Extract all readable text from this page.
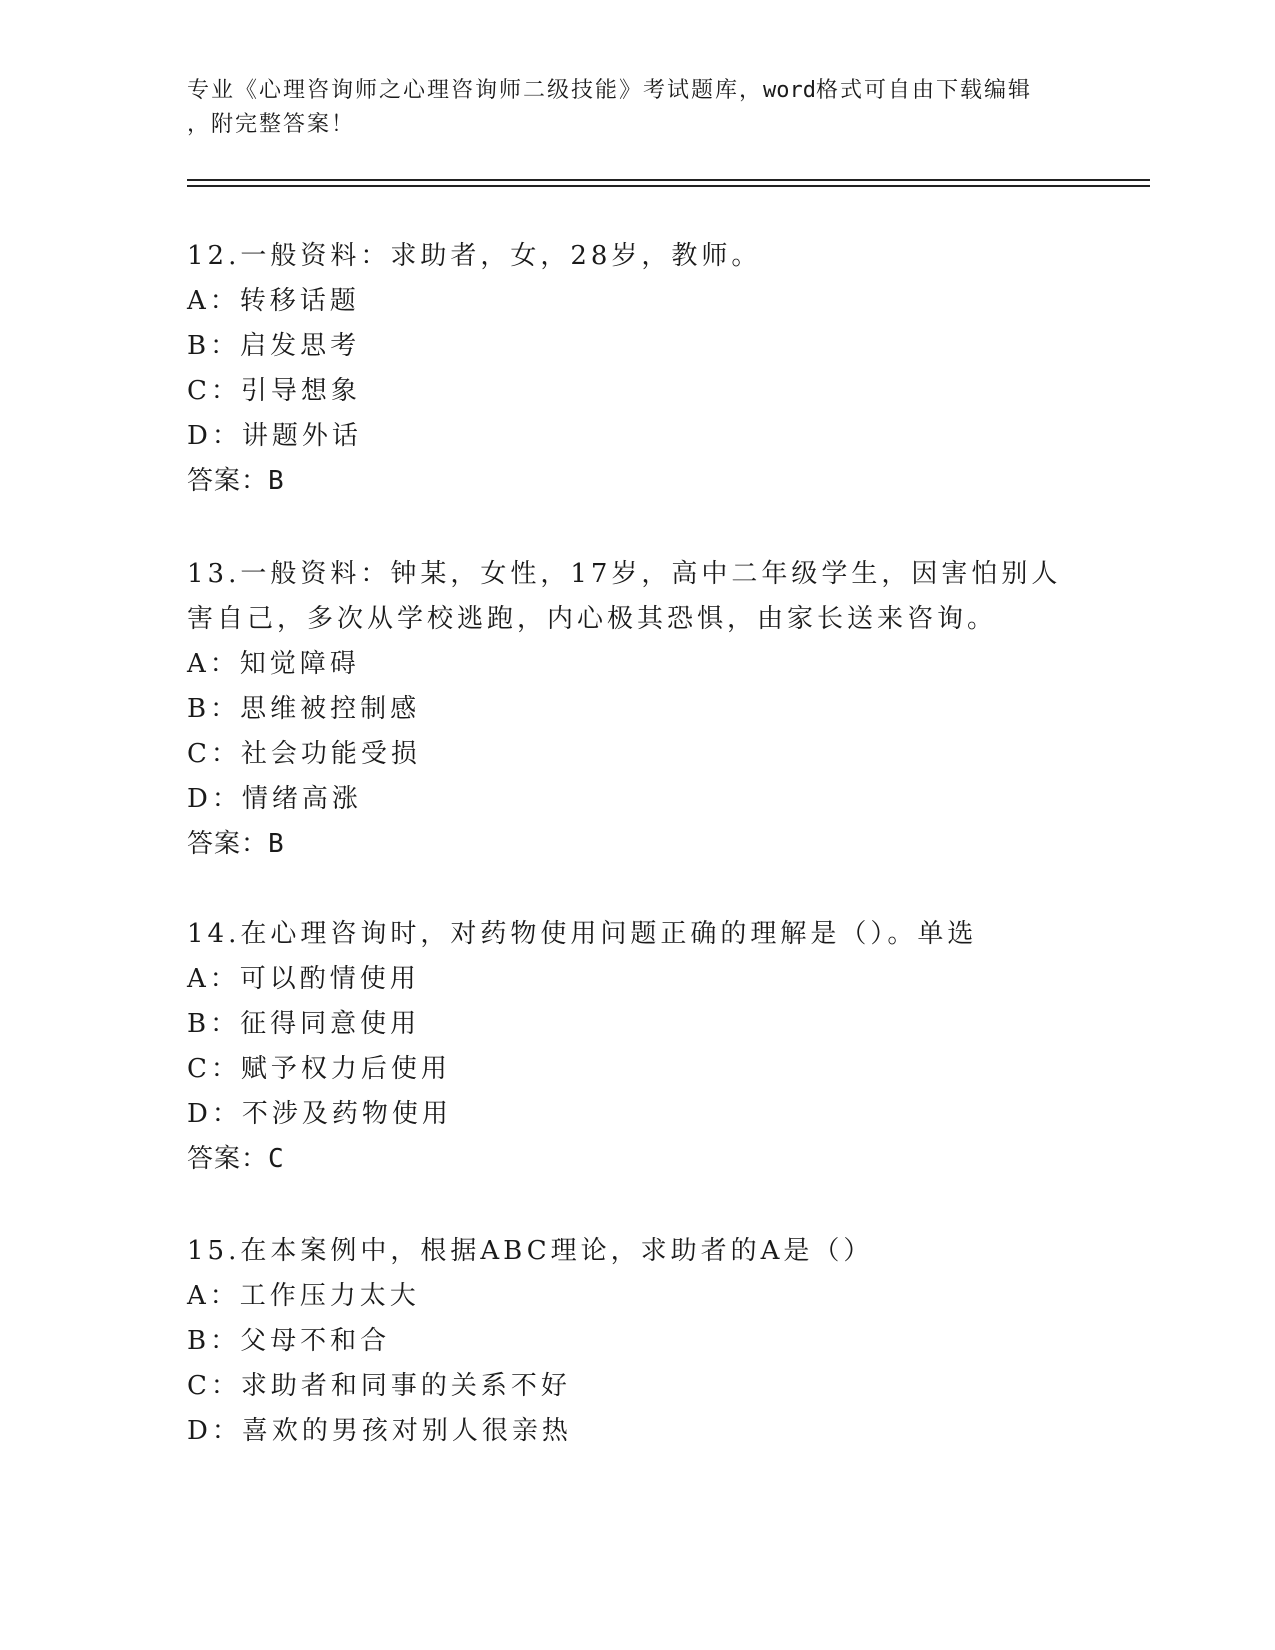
专业《心理咨询师之心理咨询师二级技能》考试题库，word格式可自由下载编辑
，附完整答案！

12.一般资料：求助者，女，28岁，教师。

A：转移话题

B：启发思考

C：引导想象

D：讲题外话

答案：B

13.一般资料：钟某，女性，17岁，高中二年级学生，因害怕别人害自己，多次从学校逃跑，内心极其恐惧，由家长送来咨询。

A：知觉障碍

B：思维被控制感

C：社会功能受损

D：情绪高涨

答案：B

14.在心理咨询时，对药物使用问题正确的理解是（）。单选

A：可以酌情使用

B：征得同意使用

C：赋予权力后使用

D：不涉及药物使用

答案：C

15.在本案例中，根据ABC理论，求助者的A是（）

A：工作压力太大

B：父母不和合

C：求助者和同事的关系不好

D：喜欢的男孩对别人很亲热
